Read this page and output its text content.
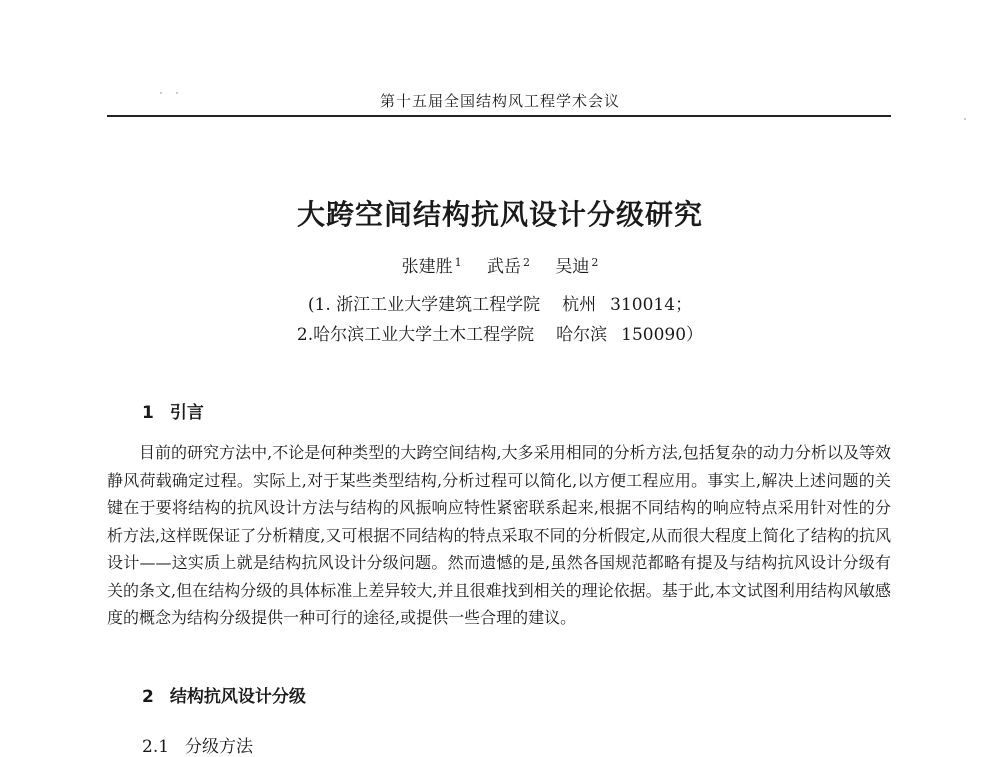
第十五届全国结构风工程学术会议
大跨空间结构抗风设计分级研究
张建胜 $^1$ 武岳 $^2$ 吴迪 $^2$
(1. 浙江工业大学建筑工程学院 杭州 310014；
2.哈尔滨工业大学土木工程学院 哈尔滨 150090）
1 引言

目前的研究方法中,不论是何种类型的大跨空间结构,大多采用相同的分析方法,包括复杂的动力分析以及等效静风荷载确定过程。实际上,对于某些类型结构,分析过程可以简化,以方便工程应用。事实上,解决上述问题的关键在于要将结构的抗风设计方法与结构的风振响应特性紧密联系起来,根据不同结构的响应特点采用针对性的分析方法,这样既保证了分析精度,又可根据不同结构的特点采取不同的分析假定,从而很大程度上简化了结构的抗风设计——这实质上就是结构抗风设计分级问题。然而遗憾的是,虽然各国规范都略有提及与结构抗风设计分级有关的条文,但在结构分级的具体标准上差异较大,并且很难找到相关的理论依据。基于此,本文试图利用结构风敏感度的概念为结构分级提供一种可行的途径,或提供一些合理的建议。

2 结构抗风设计分级
2.1 分级方法
